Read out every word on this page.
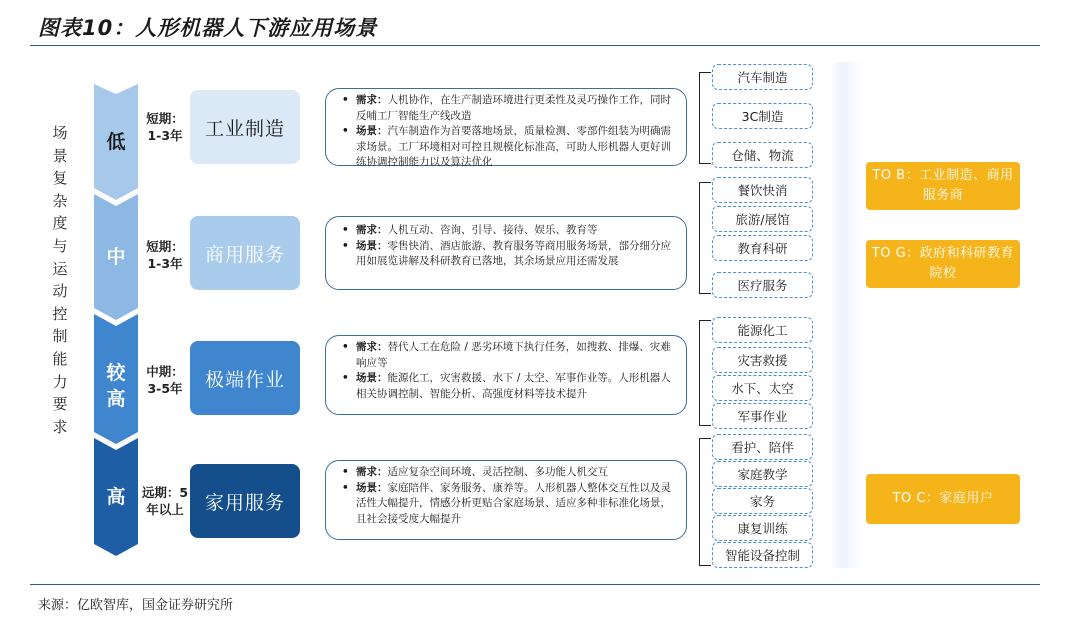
图表10：人形机器人下游应用场景
场景复杂度与运动控制能力要求
低
中
较高
高
短期：
1-3年
短期：
1-3年
中期：
3-5年
远期：5
年以上
工业制造
商用服务
极端作业
家用服务
• 需求：人机协作，在生产制造环境进行更柔性及灵巧操作工作，同时反哺工厂智能生产线改造
• 场景：汽车制造作为首要落地场景，质量检测、零部件组装为明确需求场景。工厂环境相对可控且规模化标准高，可助人形机器人更好训练协调控制能力以及算法优化
• 需求：人机互动、咨询、引导、接待、娱乐、教育等
• 场景：零售快消、酒店旅游、教育服务等商用服务场景，部分细分应用如展览讲解及科研教育已落地，其余场景应用还需发展
• 需求：替代人工在危险 / 恶劣环境下执行任务，如搜救、排爆、灾难响应等
• 场景：能源化工，灾害救援、水下 / 太空、军事作业等。人形机器人相关协调控制、智能分析、高强度材料等技术提升
• 需求：适应复杂空间环境、灵活控制、多功能人机交互
• 场景：家庭陪伴、家务服务、康养等。人形机器人整体交互性以及灵活性大幅提升，情感分析更贴合家庭场景、适应多种非标准化场景，且社会接受度大幅提升
汽车制造
3C制造
仓储、物流
餐饮快消
旅游/展馆
教育科研
医疗服务
能源化工
灾害救援
水下、太空
军事作业
看护、陪伴
家庭教学
家务
康复训练
智能设备控制
TO B：工业制造、商用服务商
TO G：政府和科研教育院校
TO C：家庭用户
来源：亿欧智库，国金证券研究所
